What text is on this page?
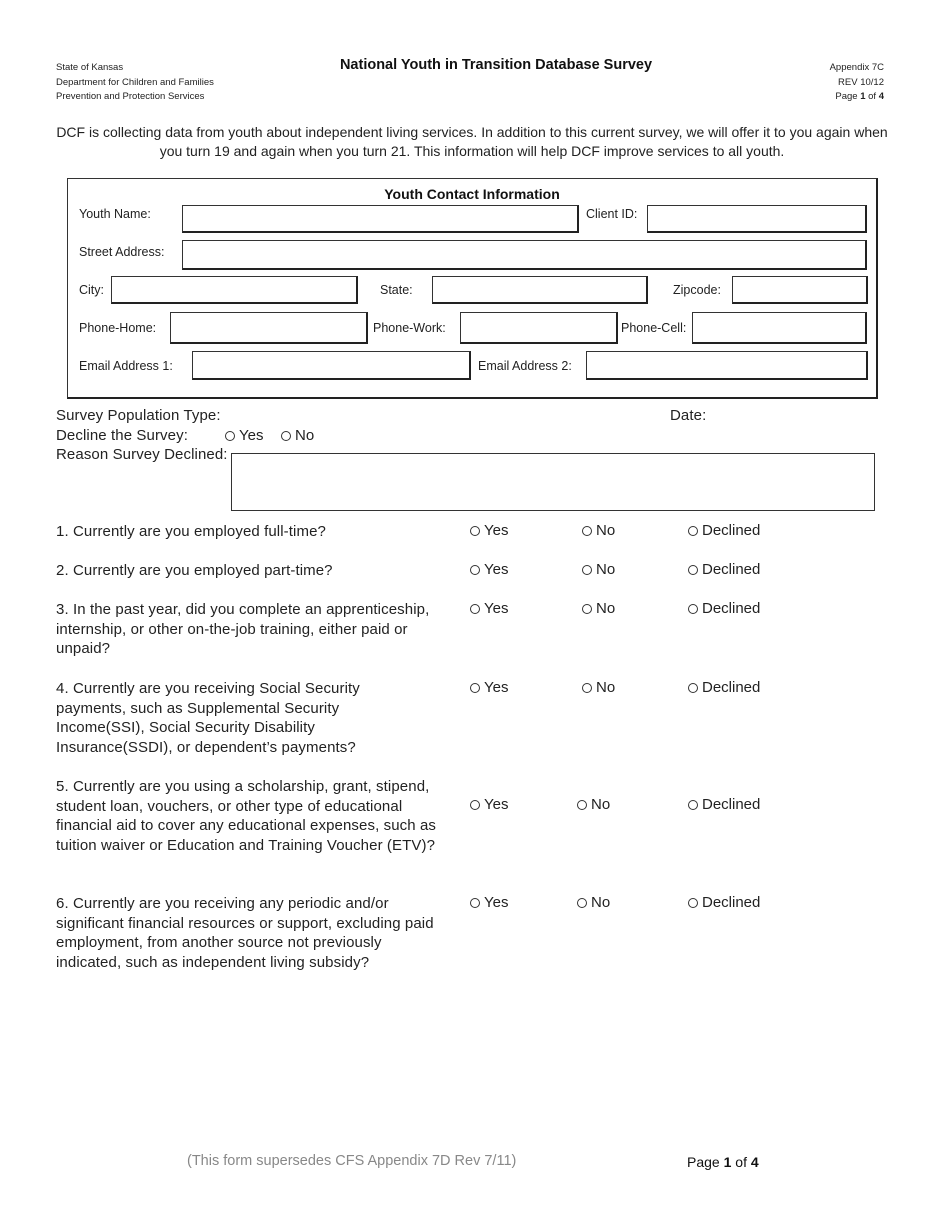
State of Kansas
Department for Children and Families
Prevention and Protection Services
National Youth in Transition Database Survey	Appendix 7C
REV 10/12
Page 1 of 4
DCF is collecting data from youth about independent living services. In addition to this current survey, we will offer it to you again when you turn 19 and again when you turn 21. This information will help DCF improve services to all youth.
Youth Contact Information
Youth Name:	Client ID:
Street Address:
City:	State:	Zipcode:
Phone-Home:	Phone-Work:	Phone-Cell:
Email Address 1:	Email Address 2:
Survey Population Type:	Date:
Decline the Survey:	Yes No
Reason Survey Declined:
1. Currently are you employed full-time?	Yes	No	Declined
2. Currently are you employed part-time?	Yes	No	Declined
3. In the past year, did you complete an apprenticeship, internship, or other on-the-job training, either paid or unpaid?
Yes	No	Declined
4. Currently are you receiving Social Security payments, such as Supplemental Security Income(SSI), Social Security Disability Insurance(SSDI), or dependent’s payments?
Yes	No	Declined
5. Currently are you using a scholarship, grant, stipend, student loan, vouchers, or other type of educational financial aid to cover any educational expenses, such as tuition waiver or Education and Training Voucher (ETV)?
Yes	No	Declined
6. Currently are you receiving any periodic and/or significant financial resources or support, excluding paid employment, from another source not previously indicated, such as independent living subsidy?
Yes	No	Declined
(This form supersedes CFS Appendix 7D Rev 7/11)	Page 1 of 4
